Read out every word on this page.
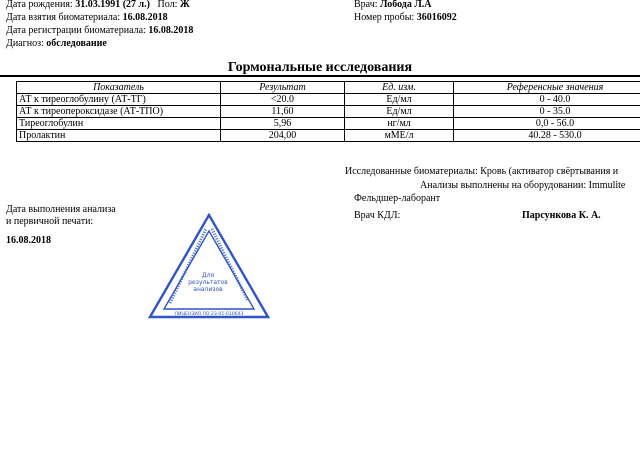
Дата рождения: 31.03.1991 (27 л.) Пол: Ж
Дата взятия биоматериала: 16.08.2018
Дата регистрации биоматериала: 16.08.2018
Диагноз: обследование
Врач: Лобода Л.А
Номер пробы: 36016092
Гормональные исследования
Показатель	Результат	Ед. изм.	Референсные значения
АТ к тиреоглобулину (АТ-ТГ)	<20.0	Ед/мл	0 - 40.0
АТ к тиреопероксидазе (АТ-ТПО)	11,60	Ед/мл	0 - 35.0
Тиреоглобулин	5,96	нг/мл	0,0 - 56.0
Пролактин	204,00	мМЕ/л	40.28 - 530.0
Исследованные биоматериалы: Кровь (активатор свёртывания и
Анализы выполнены на оборудовании: Immulite
Дата выполнения анализа
и первичной печати:
16.08.2018
Фельдшер-лаборант
Врач КДЛ:	Парсункова К. А.
Для
результатов
анализов
ЛИЦЕНЗИЯ ЛО 23-01-010643
